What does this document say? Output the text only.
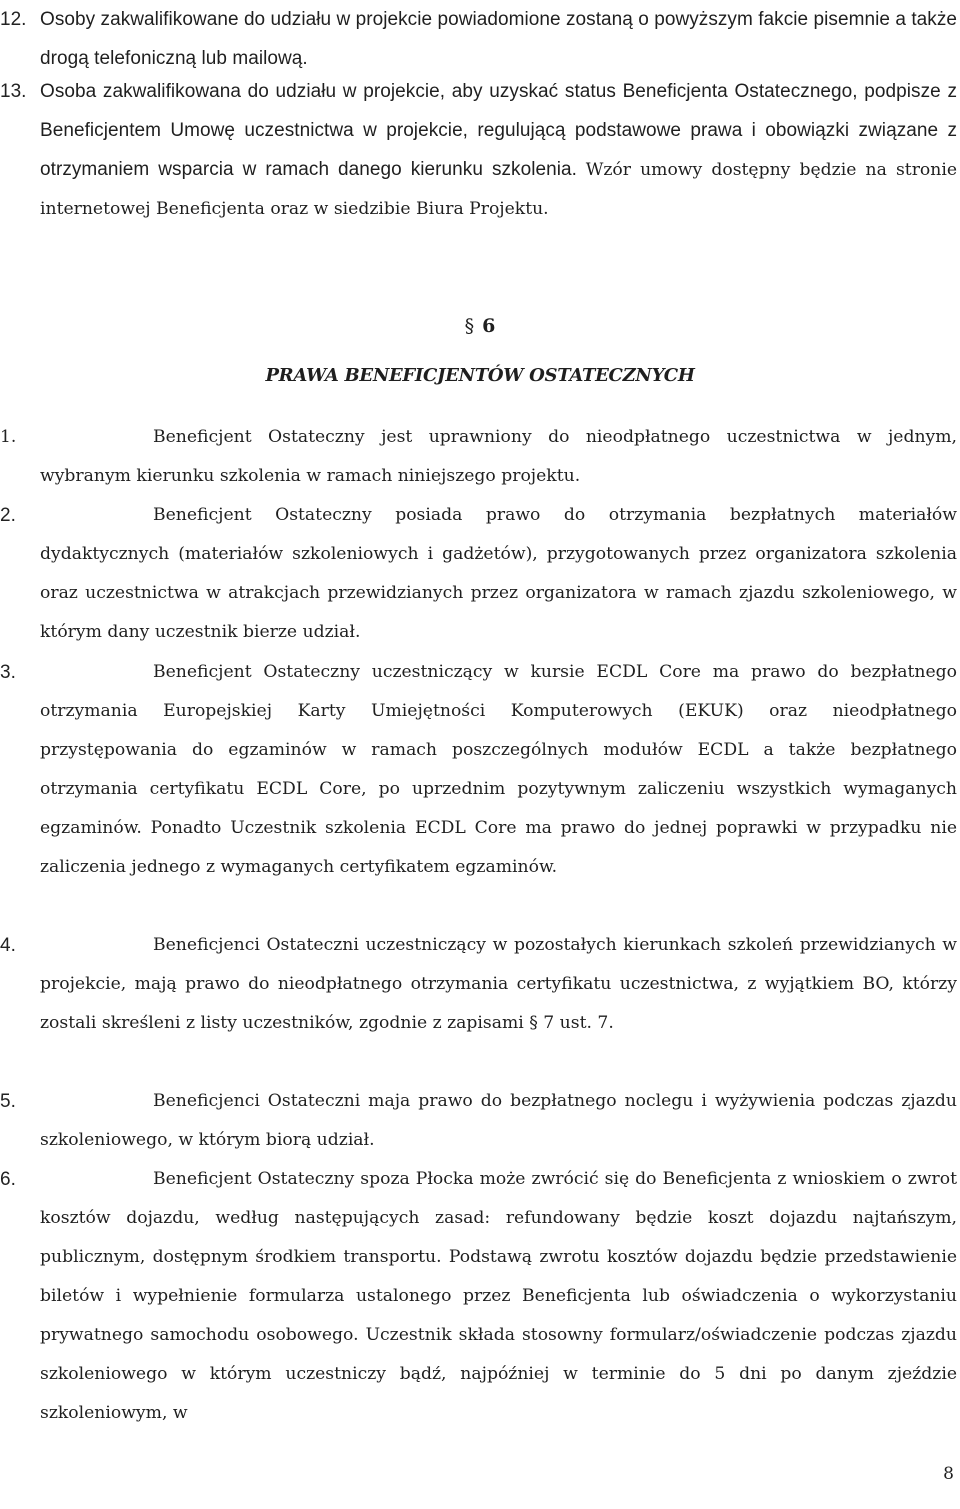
12. Osoby zakwalifikowane do udziału w projekcie powiadomione zostaną o powyższym fakcie pisemnie a także drogą telefoniczną lub mailową.
13. Osoba zakwalifikowana do udziału w projekcie, aby uzyskać status Beneficjenta Ostatecznego, podpisze z Beneficjentem Umowę uczestnictwa w projekcie, regulującą podstawowe prawa i obowiązki związane z otrzymaniem wsparcia w ramach danego kierunku szkolenia. Wzór umowy dostępny będzie na stronie internetowej Beneficjenta oraz w siedzibie Biura Projektu.
§ 6
PRAWA BENEFICJENTÓW OSTATECZNYCH
1.	Beneficjent Ostateczny jest uprawniony do nieodpłatnego uczestnictwa w jednym, wybranym kierunku szkolenia w ramach niniejszego projektu.
2.	Beneficjent Ostateczny posiada prawo do otrzymania bezpłatnych materiałów dydaktycznych (materiałów szkoleniowych i gadżetów), przygotowanych przez organizatora szkolenia oraz uczestnictwa w atrakcjach przewidzianych przez organizatora w ramach zjazdu szkoleniowego, w którym dany uczestnik bierze udział.
3.	Beneficjent Ostateczny uczestniczący w kursie ECDL Core ma prawo do bezpłatnego otrzymania Europejskiej Karty Umiejętności Komputerowych (EKUK) oraz nieodpłatnego przystępowania do egzaminów w ramach poszczególnych modułów ECDL a także bezpłatnego otrzymania certyfikatu ECDL Core, po uprzednim pozytywnym zaliczeniu wszystkich wymaganych egzaminów. Ponadto Uczestnik szkolenia ECDL Core ma prawo do jednej poprawki w przypadku nie zaliczenia jednego z wymaganych certyfikatem egzaminów.
4.	Beneficjenci Ostateczni uczestniczący w pozostałych kierunkach szkoleń przewidzianych w projekcie, mają prawo do nieodpłatnego otrzymania certyfikatu uczestnictwa, z wyjątkiem BO, którzy zostali skreśleni z listy uczestników, zgodnie z zapisami § 7 ust. 7.
5.	Beneficjenci Ostateczni maja prawo do bezpłatnego noclegu i wyżywienia podczas zjazdu szkoleniowego, w którym biorą udział.
6.	Beneficjent Ostateczny spoza Płocka może zwrócić się do Beneficjenta z wnioskiem o zwrot kosztów dojazdu, według następujących zasad: refundowany będzie koszt dojazdu najtańszym, publicznym, dostępnym środkiem transportu. Podstawą zwrotu kosztów dojazdu będzie przedstawienie biletów i wypełnienie formularza ustalonego przez Beneficjenta lub oświadczenia o wykorzystaniu prywatnego samochodu osobowego. Uczestnik składa stosowny formularz/oświadczenie podczas zjazdu szkoleniowego w którym uczestniczy bądź, najpóźniej w terminie do 5 dni po danym zjeździe szkoleniowym, w
8
